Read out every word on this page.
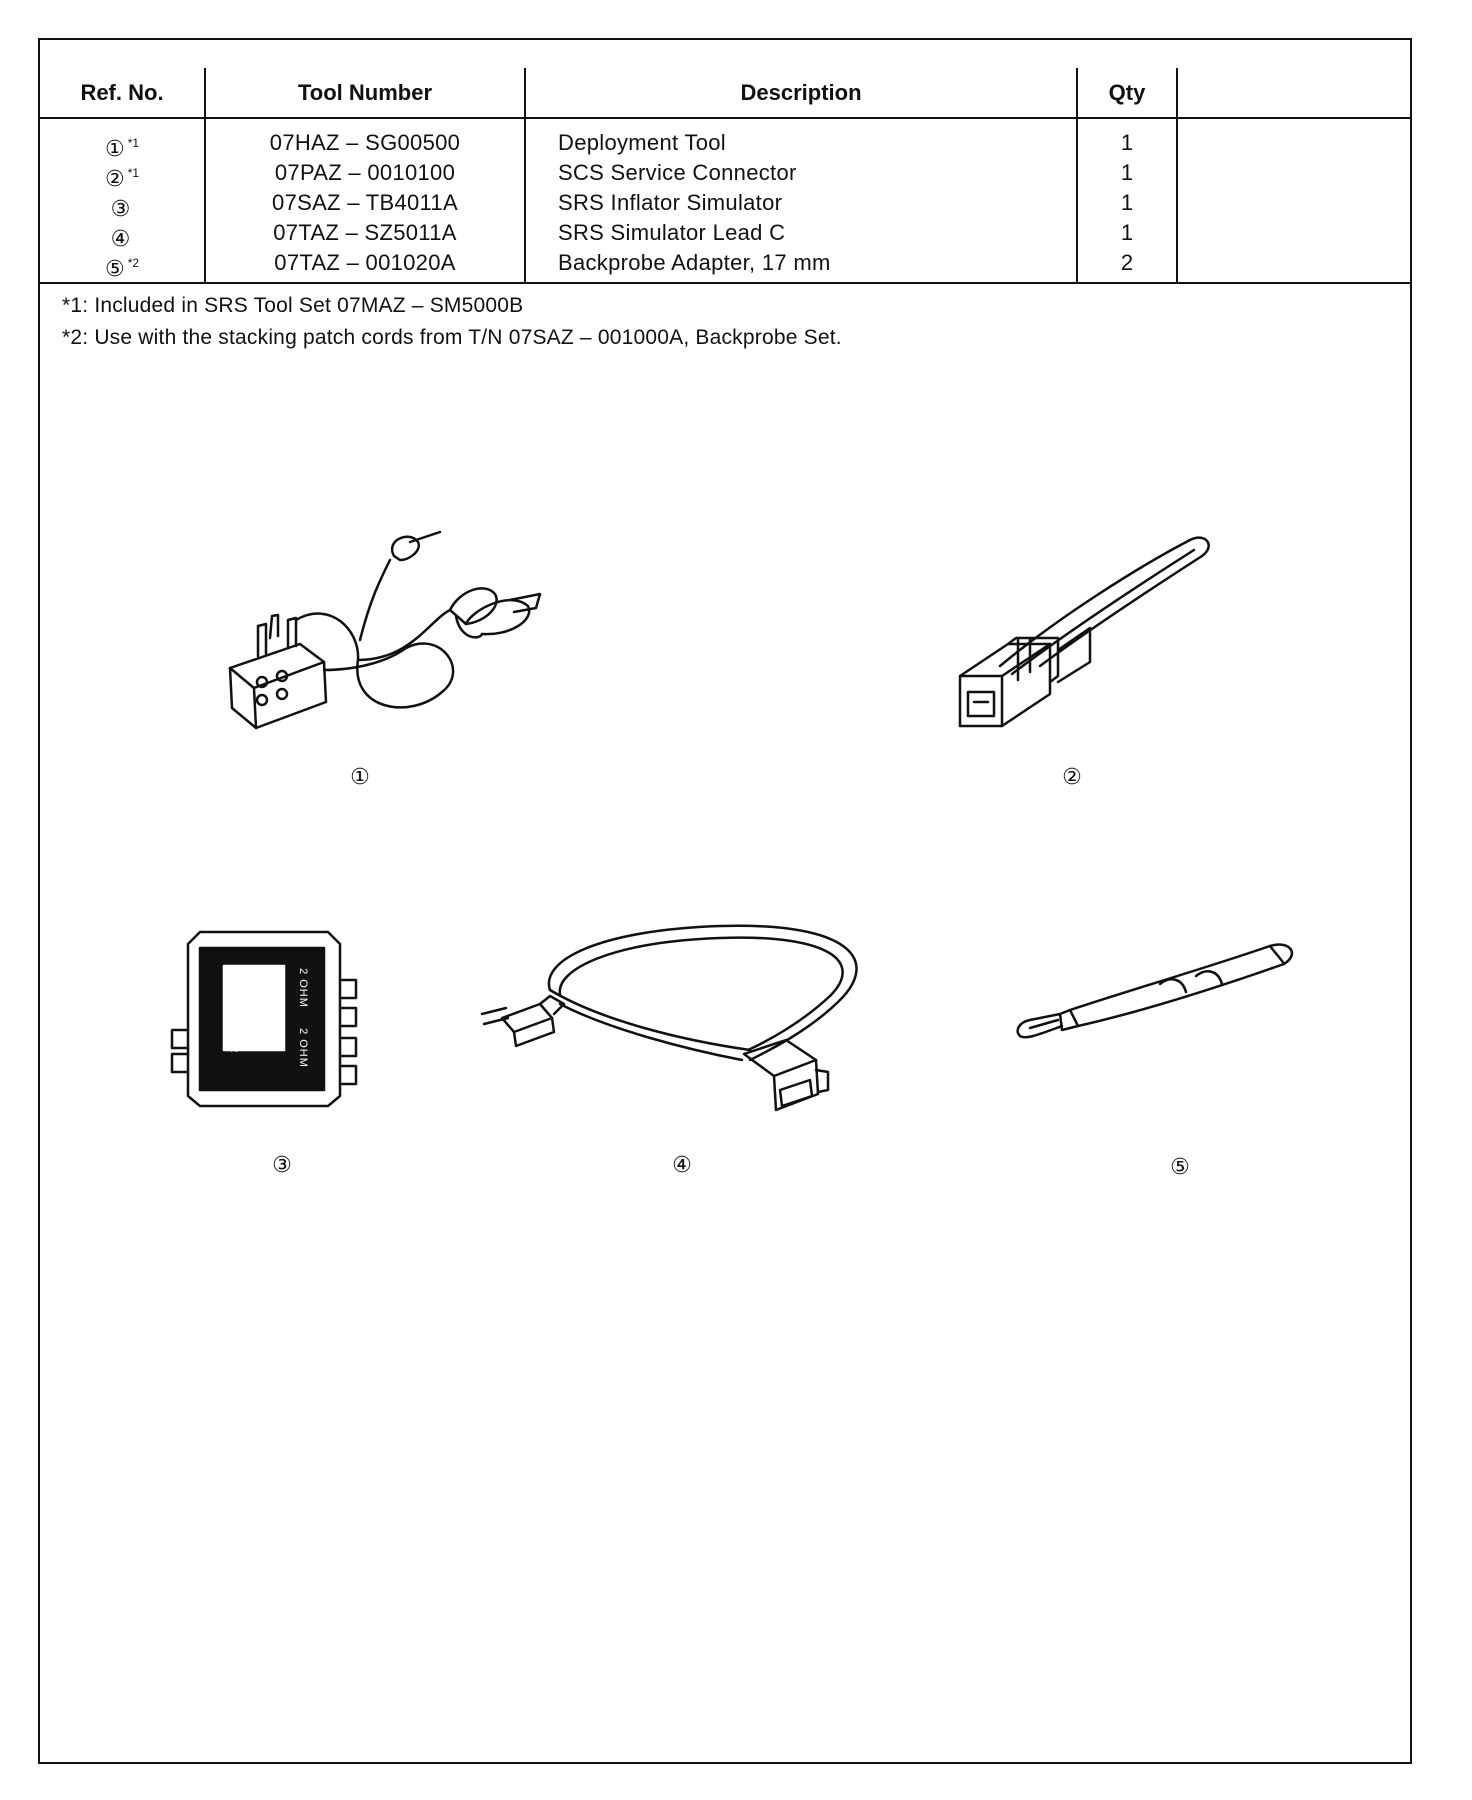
Ref. No.	Tool Number	Description	Qty
① $^{*1}$	07HAZ – SG00500	Deployment Tool	1
② $^{*1}$	07PAZ – 0010100	SCS Service Connector	1
③	07SAZ – TB4011A	SRS Inflator Simulator	1
④	07TAZ – SZ5011A	SRS Simulator Lead C	1
⑤ $^{*2}$	07TAZ – 001020A	Backprobe Adapter, 17 mm	2
*1: Included in SRS Tool Set 07MAZ – SM5000B
*2: Use with the stacking patch cords from T/N 07SAZ – 001000A, Backprobe Set.
①	②
JUMPER
2 OHM
2 OHM
③	④	⑤
